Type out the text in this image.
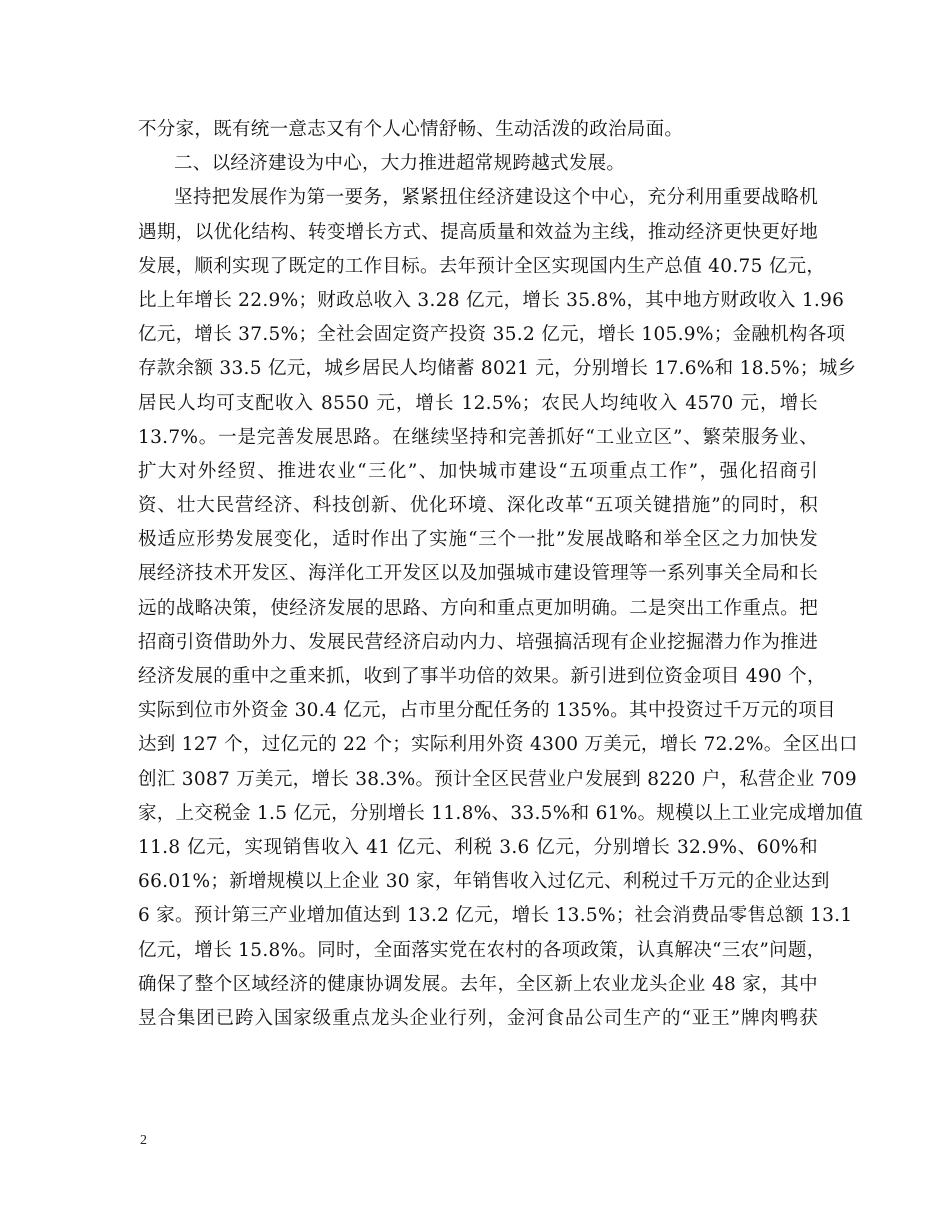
不分家，既有统一意志又有个人心情舒畅、生动活泼的政治局面。
二、以经济建设为中心，大力推进超常规跨越式发展。
坚持把发展作为第一要务，紧紧扭住经济建设这个中心，充分利用重要战略机
遇期，以优化结构、转变增长方式、提高质量和效益为主线，推动经济更快更好地
发展，顺利实现了既定的工作目标。去年预计全区实现国内生产总值 40.75 亿元，
比上年增长 22.9%；财政总收入 3.28 亿元，增长 35.8%，其中地方财政收入 1.96
亿元，增长 37.5%；全社会固定资产投资 35.2 亿元，增长 105.9%；金融机构各项
存款余额 33.5 亿元，城乡居民人均储蓄 8021 元，分别增长 17.6%和 18.5%；城乡
居民人均可支配收入 8550 元，增长 12.5%；农民人均纯收入 4570 元，增长
13.7%。一是完善发展思路。在继续坚持和完善抓好“工业立区”、繁荣服务业、
扩大对外经贸、推进农业“三化”、加快城市建设“五项重点工作”，强化招商引
资、壮大民营经济、科技创新、优化环境、深化改革“五项关键措施”的同时，积
极适应形势发展变化，适时作出了实施“三个一批”发展战略和举全区之力加快发
展经济技术开发区、海洋化工开发区以及加强城市建设管理等一系列事关全局和长
远的战略决策，使经济发展的思路、方向和重点更加明确。二是突出工作重点。把
招商引资借助外力、发展民营经济启动内力、培强搞活现有企业挖掘潜力作为推进
经济发展的重中之重来抓，收到了事半功倍的效果。新引进到位资金项目 490 个，
实际到位市外资金 30.4 亿元，占市里分配任务的 135%。其中投资过千万元的项目
达到 127 个，过亿元的 22 个；实际利用外资 4300 万美元，增长 72.2%。全区出口
创汇 3087 万美元，增长 38.3%。预计全区民营业户发展到 8220 户，私营企业 709
家，上交税金 1.5 亿元，分别增长 11.8%、33.5%和 61%。规模以上工业完成增加值
11.8 亿元，实现销售收入 41 亿元、利税 3.6 亿元，分别增长 32.9%、60%和
66.01%；新增规模以上企业 30 家，年销售收入过亿元、利税过千万元的企业达到
6 家。预计第三产业增加值达到 13.2 亿元，增长 13.5%；社会消费品零售总额 13.1
亿元，增长 15.8%。同时，全面落实党在农村的各项政策，认真解决“三农”问题，
确保了整个区域经济的健康协调发展。去年，全区新上农业龙头企业 48 家，其中
昱合集团已跨入国家级重点龙头企业行列，金河食品公司生产的“亚王”牌肉鸭获
2
